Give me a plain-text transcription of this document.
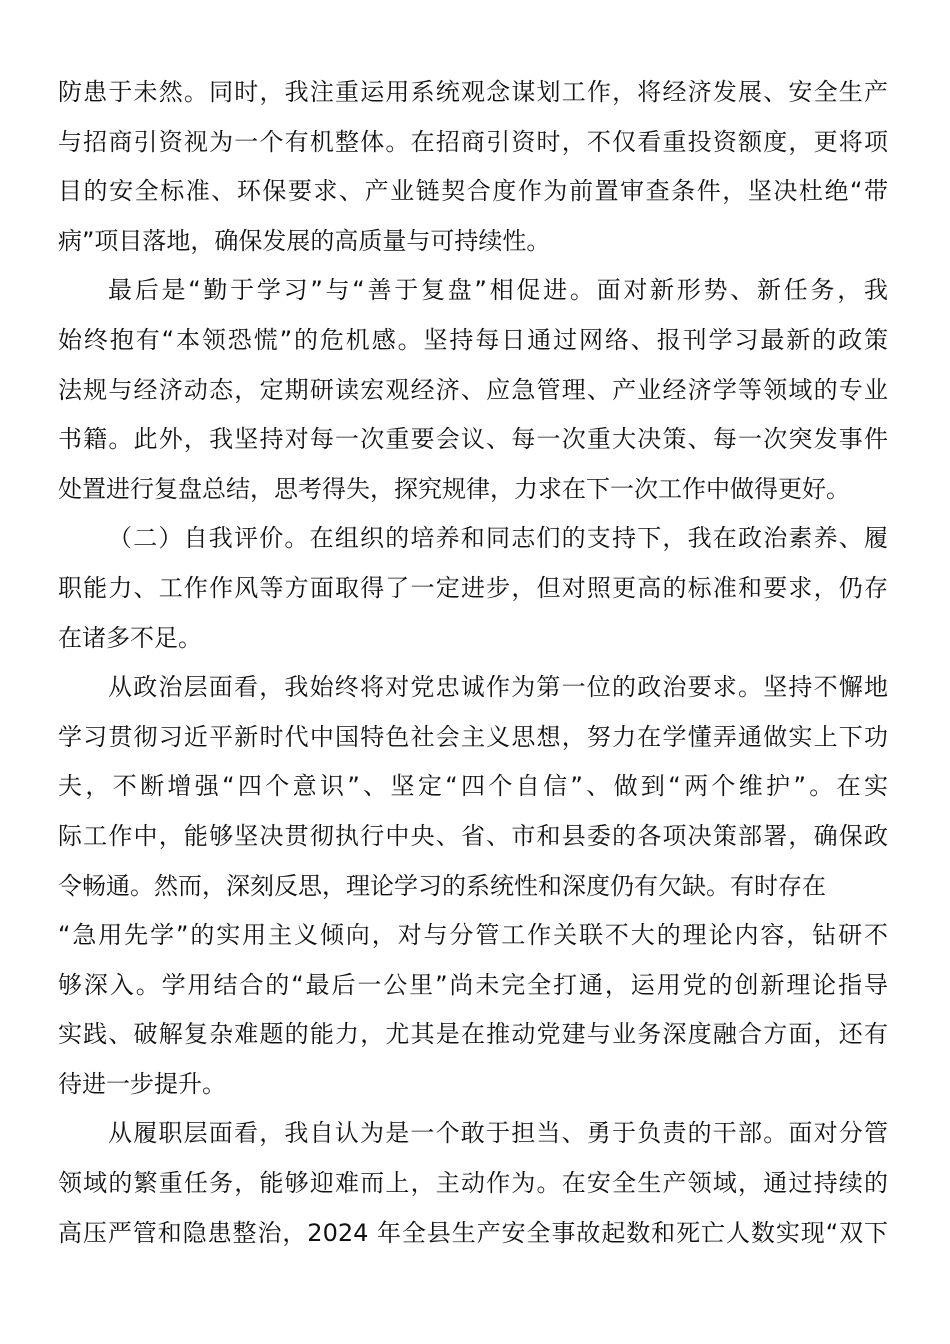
防患于未然。同时，我注重运用系统观念谋划工作，将经济发展、安全生产
与招商引资视为一个有机整体。在招商引资时，不仅看重投资额度，更将项
目的安全标准、环保要求、产业链契合度作为前置审查条件，坚决杜绝“带
病”项目落地，确保发展的高质量与可持续性。
最后是“勤于学习”与“善于复盘”相促进。面对新形势、新任务，我
始终抱有“本领恐慌”的危机感。坚持每日通过网络、报刊学习最新的政策
法规与经济动态，定期研读宏观经济、应急管理、产业经济学等领域的专业
书籍。此外，我坚持对每一次重要会议、每一次重大决策、每一次突发事件
处置进行复盘总结，思考得失，探究规律，力求在下一次工作中做得更好。
（二）自我评价。在组织的培养和同志们的支持下，我在政治素养、履
职能力、工作作风等方面取得了一定进步，但对照更高的标准和要求，仍存
在诸多不足。
从政治层面看，我始终将对党忠诚作为第一位的政治要求。坚持不懈地
学习贯彻习近平新时代中国特色社会主义思想，努力在学懂弄通做实上下功
夫，不断增强“四个意识”、坚定“四个自信”、做到“两个维护”。在实
际工作中，能够坚决贯彻执行中央、省、市和县委的各项决策部署，确保政
令畅通。然而，深刻反思，理论学习的系统性和深度仍有欠缺。有时存在
“急用先学”的实用主义倾向，对与分管工作关联不大的理论内容，钻研不
够深入。学用结合的“最后一公里”尚未完全打通，运用党的创新理论指导
实践、破解复杂难题的能力，尤其是在推动党建与业务深度融合方面，还有
待进一步提升。
从履职层面看，我自认为是一个敢于担当、勇于负责的干部。面对分管
领域的繁重任务，能够迎难而上，主动作为。在安全生产领域，通过持续的
高压严管和隐患整治，2024 年全县生产安全事故起数和死亡人数实现“双下
